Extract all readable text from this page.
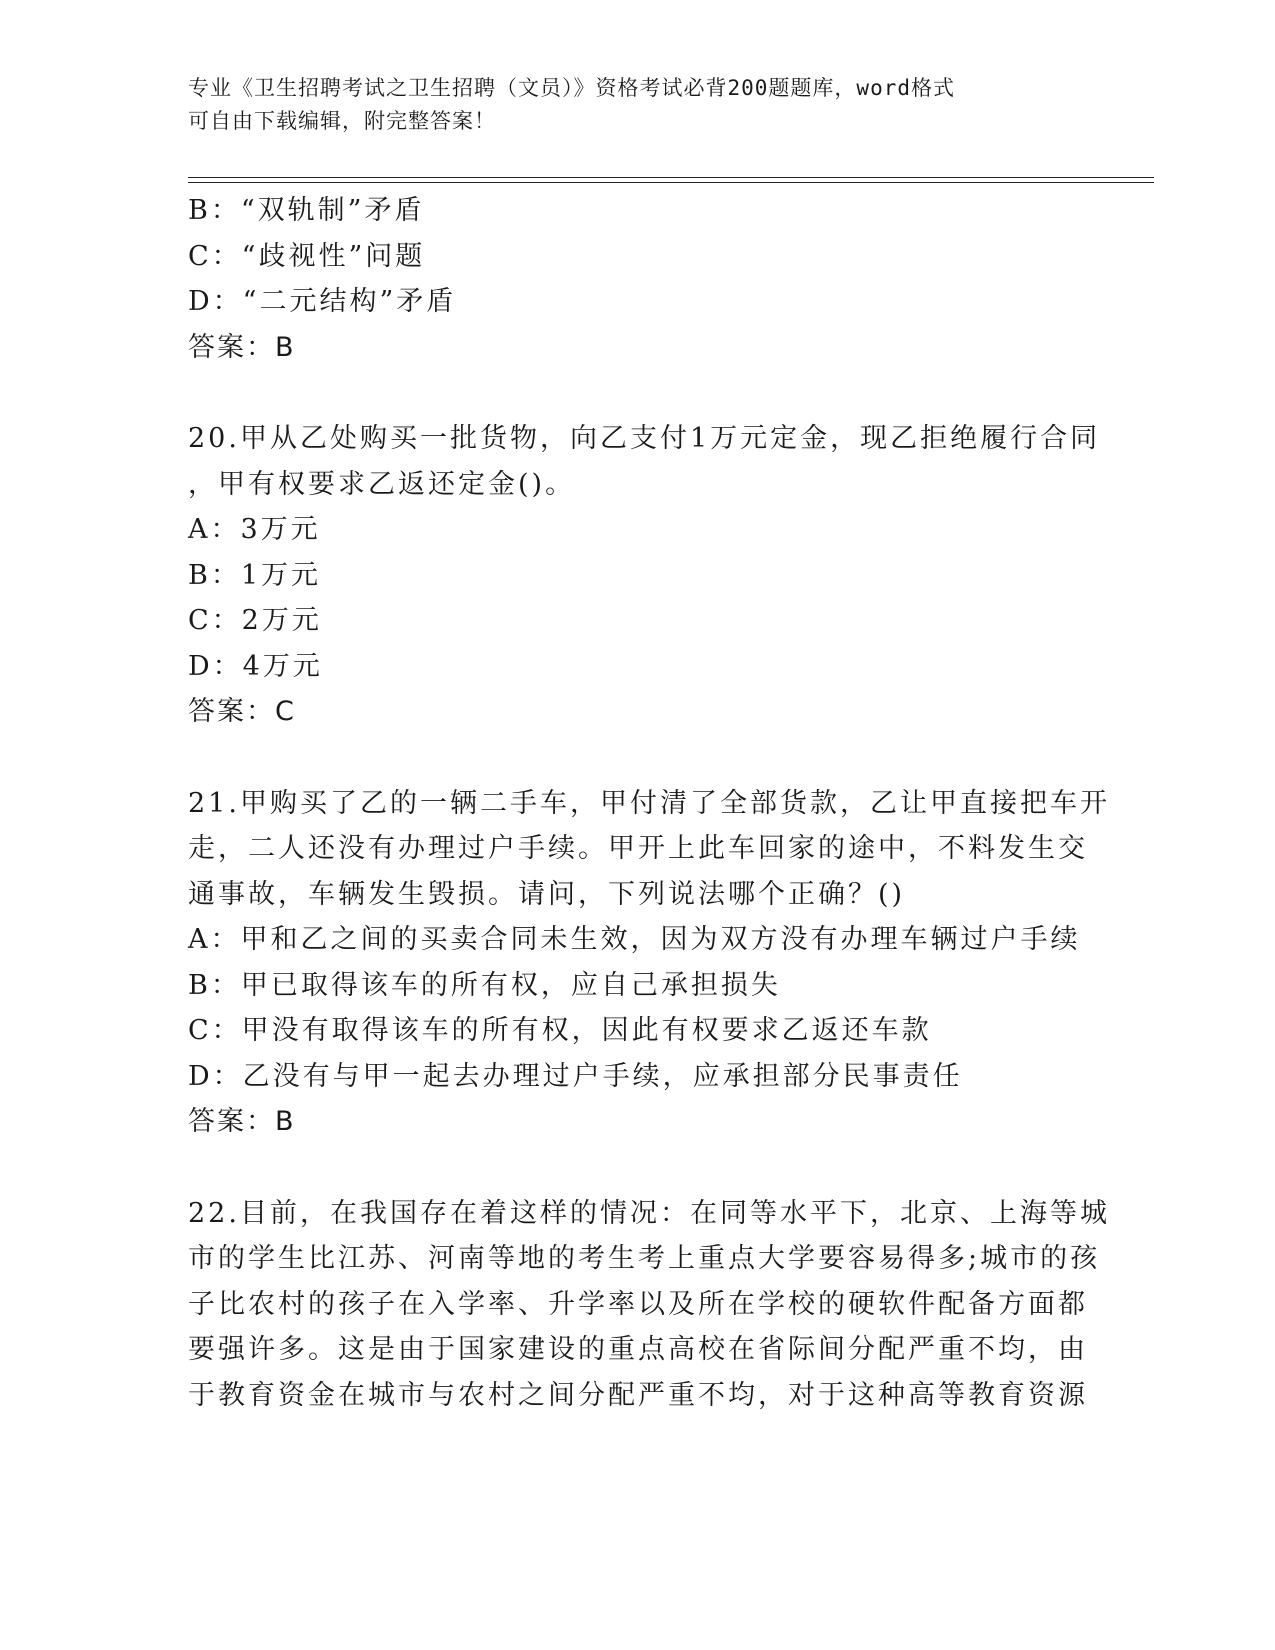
专业《卫生招聘考试之卫生招聘（文员）》资格考试必背200题题库，word格式
可自由下载编辑，附完整答案！
B：“双轨制”矛盾
C：“歧视性”问题
D：“二元结构”矛盾
答案：B
20.甲从乙处购买一批货物，向乙支付1万元定金，现乙拒绝履行合同
，甲有权要求乙返还定金()。
A：3万元
B：1万元
C：2万元
D：4万元
答案：C
21.甲购买了乙的一辆二手车，甲付清了全部货款，乙让甲直接把车开
走，二人还没有办理过户手续。甲开上此车回家的途中，不料发生交
通事故，车辆发生毁损。请问，下列说法哪个正确？()
A：甲和乙之间的买卖合同未生效，因为双方没有办理车辆过户手续
B：甲已取得该车的所有权，应自己承担损失
C：甲没有取得该车的所有权，因此有权要求乙返还车款
D：乙没有与甲一起去办理过户手续，应承担部分民事责任
答案：B
22.目前，在我国存在着这样的情况：在同等水平下，北京、上海等城
市的学生比江苏、河南等地的考生考上重点大学要容易得多;城市的孩
子比农村的孩子在入学率、升学率以及所在学校的硬软件配备方面都
要强许多。这是由于国家建设的重点高校在省际间分配严重不均，由
于教育资金在城市与农村之间分配严重不均，对于这种高等教育资源
